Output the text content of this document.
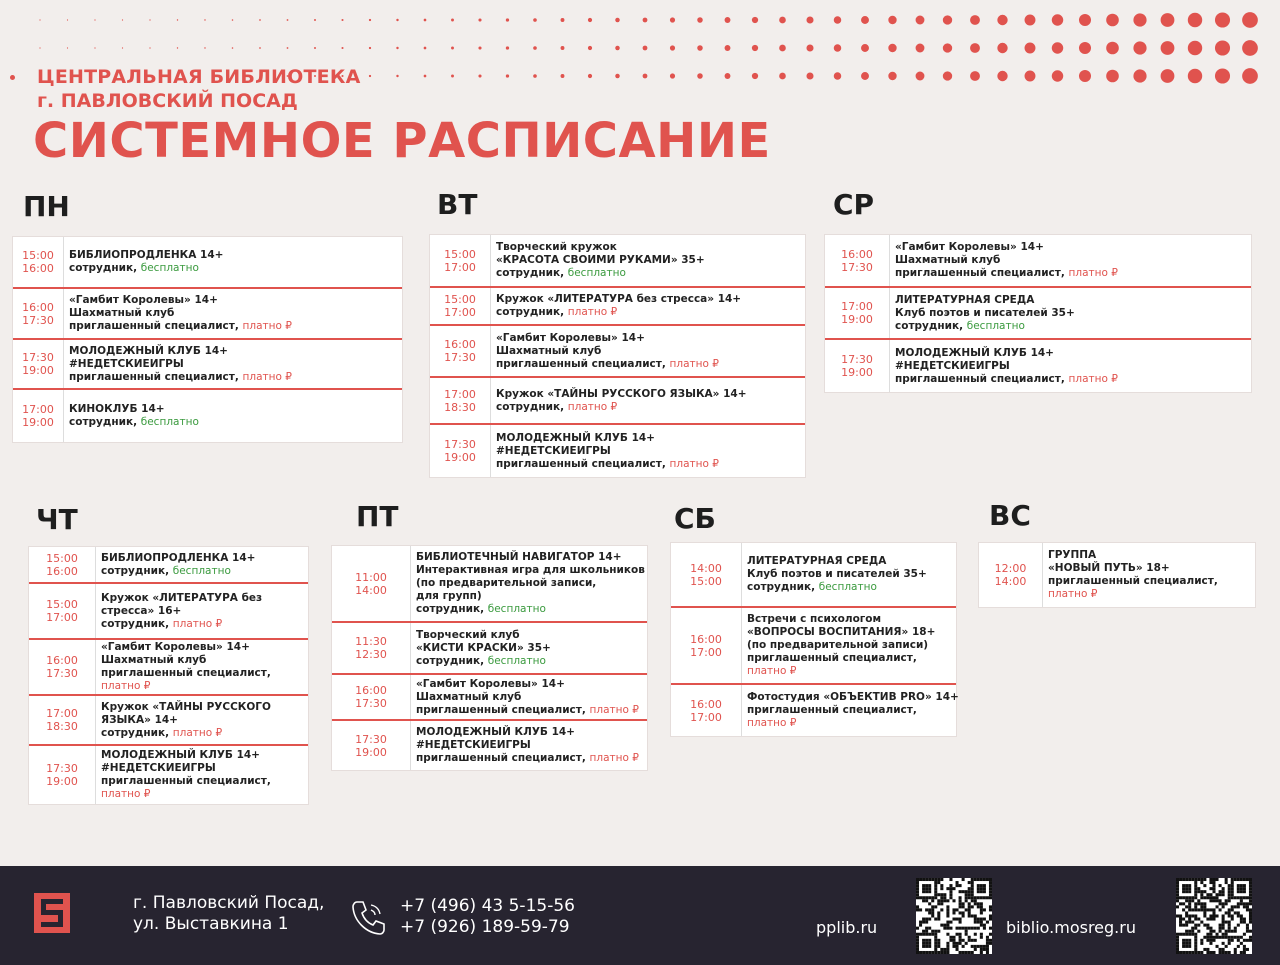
ЦЕНТРАЛЬНАЯ БИБЛИОТЕКА
г. ПАВЛОВСКИЙ ПОСАД
СИСТЕМНОЕ РАСПИСАНИЕ
ПН
15:00
16:00
БИБЛИОПРОДЛЕНКА 14+
сотрудник, бесплатно
16:00
17:30
«Гамбит Королевы» 14+
Шахматный клуб
приглашенный специалист, платно ₽
17:30
19:00
МОЛОДЕЖНЫЙ КЛУБ 14+
#НЕДЕТСКИЕИГРЫ
приглашенный специалист, платно ₽
17:00
19:00
КИНОКЛУБ 14+
сотрудник, бесплатно
ВТ
15:00
17:00
Творческий кружок
«КРАСОТА СВОИМИ РУКАМИ» 35+
сотрудник, бесплатно
15:00
17:00
Кружок «ЛИТЕРАТУРА без стресса» 14+
сотрудник, платно ₽
16:00
17:30
«Гамбит Королевы» 14+
Шахматный клуб
приглашенный специалист, платно ₽
17:00
18:30
Кружок «ТАЙНЫ РУССКОГО ЯЗЫКА» 14+
сотрудник, платно ₽
17:30
19:00
МОЛОДЕЖНЫЙ КЛУБ 14+
#НЕДЕТСКИЕИГРЫ
приглашенный специалист, платно ₽
СР
16:00
17:30
«Гамбит Королевы» 14+
Шахматный клуб
приглашенный специалист, платно ₽
17:00
19:00
ЛИТЕРАТУРНАЯ СРЕДА
Клуб поэтов и писателей 35+
сотрудник, бесплатно
17:30
19:00
МОЛОДЕЖНЫЙ КЛУБ 14+
#НЕДЕТСКИЕИГРЫ
приглашенный специалист, платно ₽
ЧТ
15:00
16:00
БИБЛИОПРОДЛЕНКА 14+
сотрудник, бесплатно
15:00
17:00
Кружок «ЛИТЕРАТУРА без
стресса» 16+
сотрудник, платно ₽
16:00
17:30
«Гамбит Королевы» 14+
Шахматный клуб
приглашенный специалист,
платно ₽
17:00
18:30
Кружок «ТАЙНЫ РУССКОГО
ЯЗЫКА» 14+
сотрудник, платно ₽
17:30
19:00
МОЛОДЕЖНЫЙ КЛУБ 14+
#НЕДЕТСКИЕИГРЫ
приглашенный специалист,
платно ₽
ПТ
11:00
14:00
БИБЛИОТЕЧНЫЙ НАВИГАТОР 14+
Интерактивная игра для школьников
(по предварительной записи,
для групп)
сотрудник, бесплатно
11:30
12:30
Творческий клуб
«КИСТИ КРАСКИ» 35+
сотрудник, бесплатно
16:00
17:30
«Гамбит Королевы» 14+
Шахматный клуб
приглашенный специалист, платно ₽
17:30
19:00
МОЛОДЕЖНЫЙ КЛУБ 14+
#НЕДЕТСКИЕИГРЫ
приглашенный специалист, платно ₽
СБ
14:00
15:00
ЛИТЕРАТУРНАЯ СРЕДА
Клуб поэтов и писателей 35+
сотрудник, бесплатно
16:00
17:00
Встречи с психологом
«ВОПРОСЫ ВОСПИТАНИЯ» 18+
(по предварительной записи)
приглашенный специалист,
платно ₽
16:00
17:00
Фотостудия «ОБЪЕКТИВ PRO» 14+
приглашенный специалист,
платно ₽
ВС
12:00
14:00
ГРУППА
«НОВЫЙ ПУТЬ» 18+
приглашенный специалист,
платно ₽
г. Павловский Посад,
ул. Выставкина 1
+7 (496) 43 5-15-56
+7 (926) 189-59-79	pplib.ru	biblio.mosreg.ru
